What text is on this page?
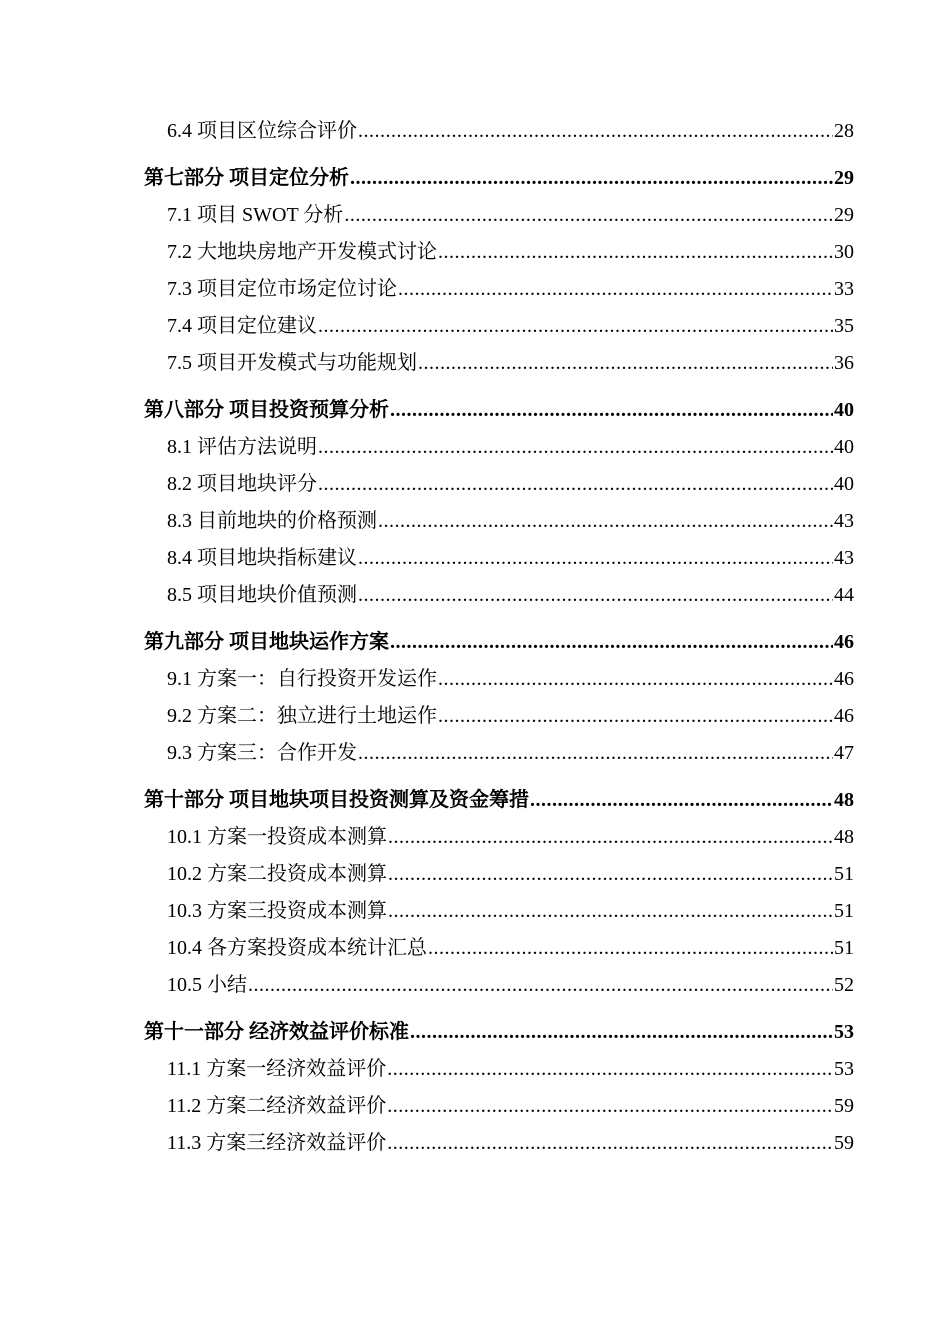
6.4 项目区位综合评价 .....	28
第七部分 项目定位分析 .....	29
7.1 项目 SWOT 分析 .....	29
7.2 大地块房地产开发模式讨论 .....	30
7.3 项目定位市场定位讨论 .....	33
7.4 项目定位建议 .....	35
7.5 项目开发模式与功能规划 .....	36
第八部分 项目投资预算分析 .....	40
8.1 评估方法说明 .....	40
8.2 项目地块评分 .....	40
8.3 目前地块的价格预测 .....	43
8.4 项目地块指标建议 .....	43
8.5 项目地块价值预测 .....	44
第九部分 项目地块运作方案 .....	46
9.1 方案一：自行投资开发运作 .....	46
9.2 方案二：独立进行土地运作 .....	46
9.3 方案三：合作开发 .....	47
第十部分 项目地块项目投资测算及资金筹措 .....	48
10.1 方案一投资成本测算 .....	48
10.2 方案二投资成本测算 .....	51
10.3 方案三投资成本测算 .....	51
10.4 各方案投资成本统计汇总 .....	51
10.5 小结 .....	52
第十一部分 经济效益评价标准 .....	53
11.1 方案一经济效益评价 .....	53
11.2 方案二经济效益评价 .....	59
11.3 方案三经济效益评价 .....	59
